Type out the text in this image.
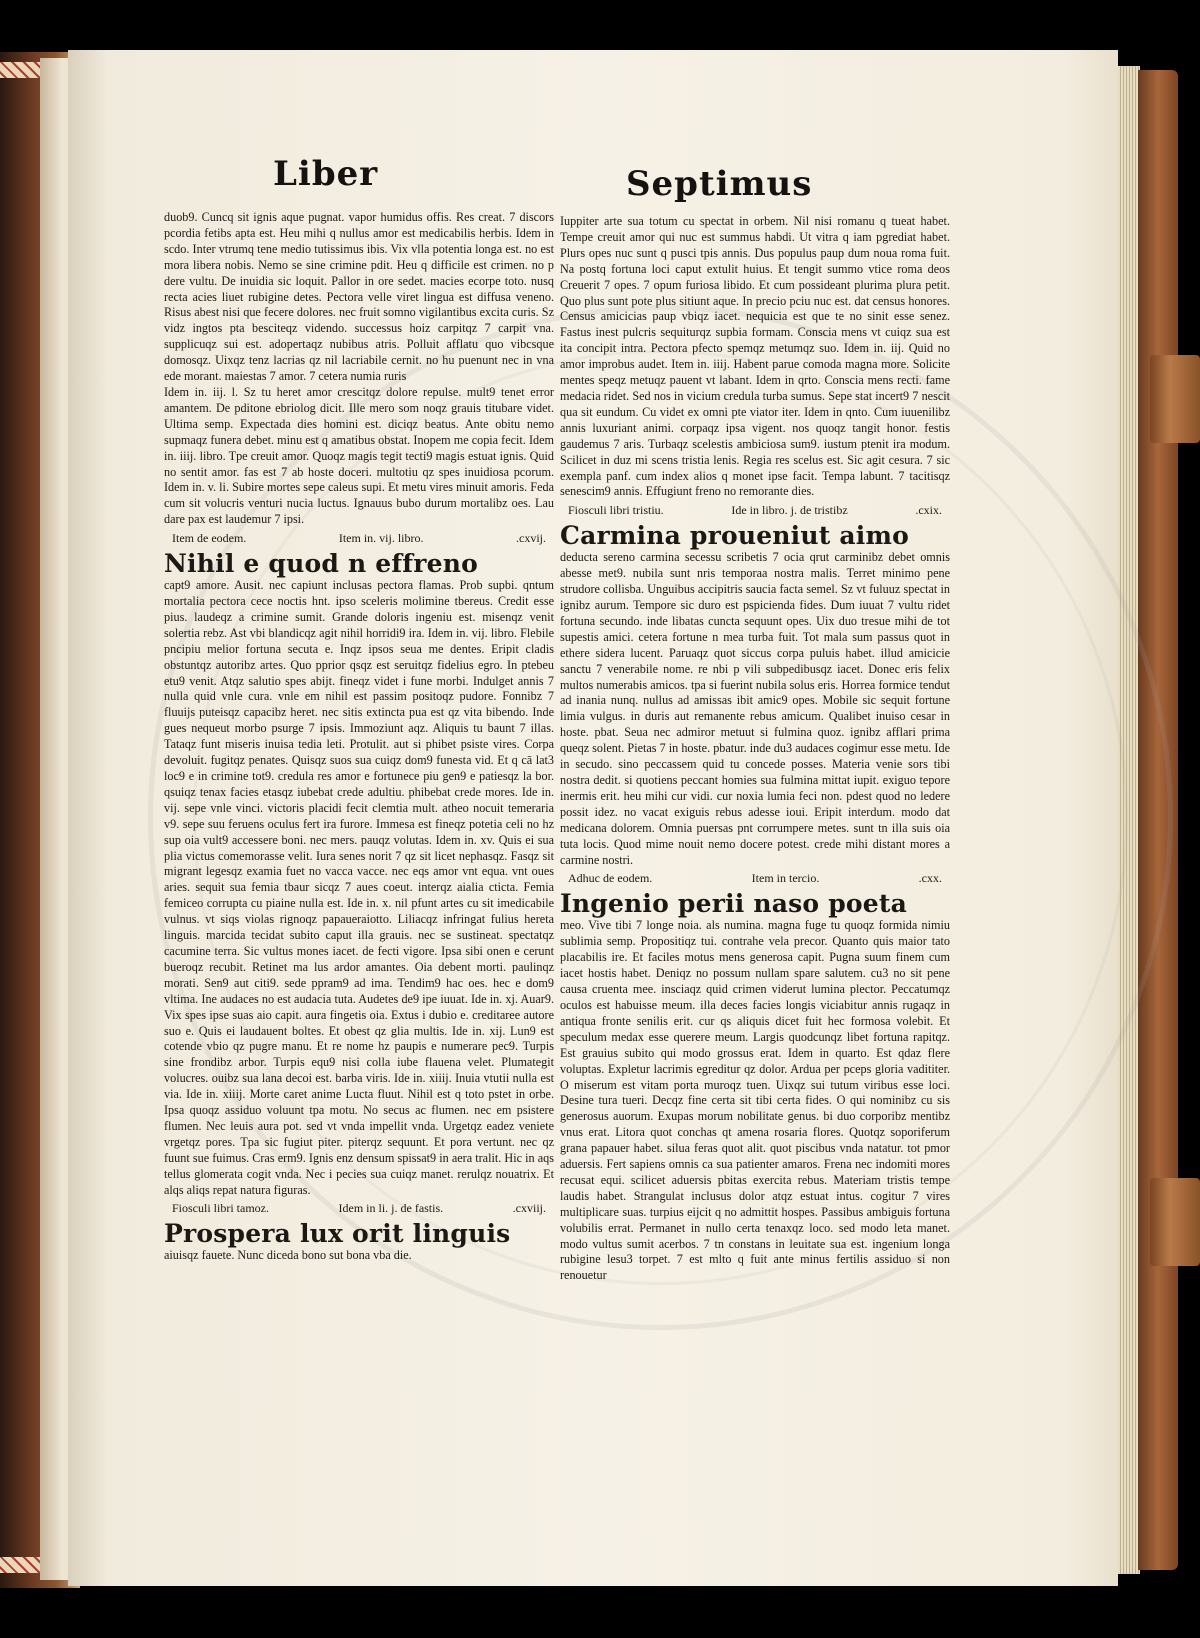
Liber	Septimus

duob9. Cuncq sit ignis aque pugnat. vapor humidus offis. Res creat. 7 discors pcordia fetibs apta est. Heu mihi q nullus amor est medicabilis herbis. Idem in scdo. Inter vtrumq tene medio tutissimus ibis. Vix vlla potentia longa est. no est mora libera nobis. Nemo se sine crimine pdit. Heu q difficile est crimen. no p dere vultu. De inuidia sic loquit. Pallor in ore sedet. macies ecorpe toto. nusq recta acies liuet rubigine detes. Pectora velle viret lingua est diffusa veneno. Risus abest nisi que fecere dolores. nec fruit somno vigilantibus excita curis. Sz vidz ingtos pta besciteqz videndo. successus hoiz carpitqz 7 carpit vna. supplicuqz sui est. adopertaqz nubibus atris. Polluit afflatu quo vibcsque domosqz. Uixqz tenz lacrias qz nil lacriabile cernit. no hu puenunt nec in vna ede morant. maiestas 7 amor. 7 cetera numia ruris

Idem in. iij. l. Sz tu heret amor crescitqz dolore repulse. mult9 tenet error amantem. De pditone ebriolog dicit. Ille mero som noqz grauis titubare videt. Ultima semp. Expectada dies homini est. diciqz beatus. Ante obitu nemo supmaqz funera debet. minu est q amatibus obstat. Inopem me copia fecit. Idem in. iiij. libro. Tpe creuit amor. Quoqz magis tegit tecti9 magis estuat ignis. Quid no sentit amor. fas est 7 ab hoste doceri. multotiu qz spes inuidiosa pcorum. Idem in. v. li. Subire mortes sepe caleus supi. Et metu vires minuit amoris. Feda cum sit volucris venturi nucia luctus. Ignauus bubo durum mortalibz oes. Lau dare pax est laudemur 7 ipsi.

Item de eodem.	Item in. vij. libro.	.cxvij.
Nihil e quod n effreno

capt9 amore. Ausit. nec capiunt inclusas pectora flamas. Prob supbi. qntum mortalia pectora cece noctis hnt. ipso sceleris molimine tbereus. Credit esse pius. laudeqz a crimine sumit. Grande doloris ingeniu est. misenqz venit solertia rebz. Ast vbi blandicqz agit nihil horridi9 ira. Idem in. vij. libro. Flebile pncipiu melior fortuna secuta e. Inqz ipsos seua me dentes. Eripit cladis obstuntqz autoribz artes. Quo pprior qsqz est seruitqz fidelius egro. In ptebeu etu9 venit. Atqz salutio spes abijt. fineqz videt i fune morbi. Indulget annis 7 nulla quid vnle cura. vnle em nihil est passim positoqz pudore. Fonnibz 7 fluuijs puteisqz capacibz heret. nec sitis extincta pua est qz vita bibendo. Inde gues nequeut morbo psurge 7 ipsis. Immoziunt aqz. Aliquis tu baunt 7 illas. Tataqz funt miseris inuisa tedia leti. Protulit. aut si phibet psiste vires. Corpa devoluit. fugitqz penates. Quisqz suos sua cuiqz dom9 funesta vid. Et q cā lat3 loc9 e in crimine tot9. credula res amor e fortunece piu gen9 e patiesqz la bor. qsuiqz tenax facies etasqz iubebat crede adultiu. phibebat crede mores. Ide in. vij. sepe vnle vinci. victoris placidi fecit clemtia mult. atheo nocuit temeraria v9. sepe suu feruens oculus fert ira furore. Immesa est fineqz potetia celi no hz sup oia vult9 accessere boni. nec mers. pauqz volutas. Idem in. xv. Quis ei sua plia victus comemorasse velit. Iura senes norit 7 qz sit licet nephasqz. Fasqz sit migrant legesqz examia fuet no vacca vacce. nec eqs amor vnt equa. vnt oues aries. sequit sua femia tbaur sicqz 7 aues coeut. interqz aialia cticta. Femia femiceo corrupta cu piaine nulla est. Ide in. x. nil pfunt artes cu sit imedicabile vulnus. vt siqs violas rignoqz papaueraiotto. Liliacqz infringat fulius hereta linguis. marcida tecidat subito caput illa grauis. nec se sustineat. spectatqz cacumine terra. Sic vultus mones iacet. de fecti vigore. Ipsa sibi onen e cerunt bueroqz recubit. Retinet ma lus ardor amantes. Oia debent morti. paulinqz morati. Sen9 aut citi9. sede ppram9 ad ima. Tendim9 hac oes. hec e dom9 vltima. Ine audaces no est audacia tuta. Audetes de9 ipe iuuat. Ide in. xj. Auar9. Vix spes ipse suas aio capit. aura fingetis oia. Extus i dubio e. creditaree autore suo e. Quis ei laudauent boltes. Et obest qz glia multis. Ide in. xij. Lun9 est cotende vbio qz pugre manu. Et re nome hz paupis e numerare pec9. Turpis sine frondibz arbor. Turpis equ9 nisi colla iube flauena velet. Plumategit volucres. ouibz sua lana decoi est. barba viris. Ide in. xiiij. Inuia vtutii nulla est via. Ide in. xiiij. Morte caret anime Lucta fluut. Nihil est q toto pstet in orbe. Ipsa quoqz assiduo voluunt tpa motu. No secus ac flumen. nec em psistere flumen. Nec leuis aura pot. sed vt vnda impellit vnda. Urgetqz eadez veniete vrgetqz pores. Tpa sic fugiut piter. piterqz sequunt. Et pora vertunt. nec qz fuunt sue fuimus. Cras erm9. Ignis enz densum spissat9 in aera tralit. Hic in aqs tellus glomerata cogit vnda. Nec i pecies sua cuiqz manet. rerulqz nouatrix. Et alqs aliqs repat natura figuras.

Fiosculi libri tamoz.	Idem in li. j. de fastis.	.cxviij.
Prospera lux orit linguis

aiuisqz fauete. Nunc diceda bono sut bona vba die.

Iuppiter arte sua totum cu spectat in orbem. Nil nisi romanu q tueat habet. Tempe creuit amor qui nuc est summus habdi. Ut vitra q iam pgrediat habet. Plurs opes nuc sunt q pusci tpis annis. Dus populus paup dum noua roma fuit. Na postq fortuna loci caput extulit huius. Et tengit summo vtice roma deos Creuerit 7 opes. 7 opum furiosa libido. Et cum possideant plurima plura petit. Quo plus sunt pote plus sitiunt aque. In precio pciu nuc est. dat census honores. Census amicicias paup vbiqz iacet. nequicia est que te no sinit esse senez. Fastus inest pulcris sequiturqz supbia formam. Conscia mens vt cuiqz sua est ita concipit intra. Pectora pfecto spemqz metumqz suo. Idem in. iij. Quid no amor improbus audet. Item in. iiij. Habent parue comoda magna more. Solicite mentes speqz metuqz pauent vt labant. Idem in qrto. Conscia mens recti. fame medacia ridet. Sed nos in vicium credula turba sumus. Sepe stat incert9 7 nescit qua sit eundum. Cu videt ex omni pte viator iter. Idem in qnto. Cum iuuenilibz annis luxuriant animi. corpaqz ipsa vigent. nos quoqz tangit honor. festis gaudemus 7 aris. Turbaqz scelestis ambiciosa sum9. iustum ptenit ira modum. Scilicet in duz mi scens tristia lenis. Regia res scelus est. Sic agit cesura. 7 sic exempla panf. cum index alios q monet ipse facit. Tempa labunt. 7 tacitisqz senescim9 annis. Effugiunt freno no remorante dies.

Fiosculi libri tristiu.	Ide in libro. j. de tristibz	.cxix.
Carmina proueniut aimo

deducta sereno carmina secessu scribetis 7 ocia qrut carminibz debet omnis abesse met9. nubila sunt nris temporaa nostra malis. Terret minimo pene strudore collisba. Unguibus accipitris saucia facta semel. Sz vt fuluuz spectat in ignibz aurum. Tempore sic duro est pspicienda fides. Dum iuuat 7 vultu ridet fortuna secundo. inde libatas cuncta sequunt opes. Uix duo tresue mihi de tot supestis amici. cetera fortune n mea turba fuit. Tot mala sum passus quot in ethere sidera lucent. Paruaqz quot siccus corpa puluis habet. illud amicicie sanctu 7 venerabile nome. re nbi p vili subpedibusqz iacet. Donec eris felix multos numerabis amicos. tpa si fuerint nubila solus eris. Horrea formice tendut ad inania nunq. nullus ad amissas ibit amic9 opes. Mobile sic sequit fortune limia vulgus. in duris aut remanente rebus amicum. Qualibet inuiso cesar in hoste. pbat. Seua nec admiror metuut si fulmina quoz. ignibz afflari prima queqz solent. Pietas 7 in hoste. pbatur. inde du3 audaces cogimur esse metu. Ide in secudo. sino peccassem quid tu concede posses. Materia venie sors tibi nostra dedit. si quotiens peccant homies sua fulmina mittat iupit. exiguo tepore inermis erit. heu mihi cur vidi. cur noxia lumia feci non. pdest quod no ledere possit idez. no vacat exiguis rebus adesse ioui. Eripit interdum. modo dat medicana dolorem. Omnia puersas pnt corrumpere metes. sunt tn illa suis oia tuta locis. Quod mime nouit nemo docere potest. crede mihi distant mores a carmine nostri.

Adhuc de eodem.	Item in tercio.	.cxx.
Ingenio perii naso poeta

meo. Vive tibi 7 longe noia. als numina. magna fuge tu quoqz formida nimiu sublimia semp. Propositiqz tui. contrahe vela precor. Quanto quis maior tato placabilis ire. Et faciles motus mens generosa capit. Pugna suum finem cum iacet hostis habet. Deniqz no possum nullam spare salutem. cu3 no sit pene causa cruenta mee. insciaqz quid crimen viderut lumina plector. Peccatumqz oculos est habuisse meum. illa deces facies longis viciabitur annis rugaqz in antiqua fronte senilis erit. cur qs aliquis dicet fuit hec formosa volebit. Et speculum medax esse querere meum. Largis quodcunqz libet fortuna rapitqz. Est grauius subito qui modo grossus erat. Idem in quarto. Est qdaz flere voluptas. Expletur lacrimis egreditur qz dolor. Ardua per pceps gloria vadititer. O miserum est vitam porta muroqz tuen. Uixqz sui tutum viribus esse loci. Desine tura tueri. Decqz fine certa sit tibi certa fides. O qui nominibz cu sis generosus auorum. Exupas morum nobilitate genus. bi duo corporibz mentibz vnus erat. Litora quot conchas qt amena rosaria flores. Quotqz soporiferum grana papauer habet. silua feras quot alit. quot piscibus vnda natatur. tot pmor aduersis. Fert sapiens omnis ca sua patienter amaros. Frena nec indomiti mores recusat equi. scilicet aduersis pbitas exercita rebus. Materiam tristis tempe laudis habet. Strangulat inclusus dolor atqz estuat intus. cogitur 7 vires multiplicare suas. turpius eijcit q no admittit hospes. Passibus ambiguis fortuna volubilis errat. Permanet in nullo certa tenaxqz loco. sed modo leta manet. modo vultus sumit acerbos. 7 tn constans in leuitate sua est. ingenium longa rubigine lesu3 torpet. 7 est mlto q fuit ante minus fertilis assiduo si non renouetur
